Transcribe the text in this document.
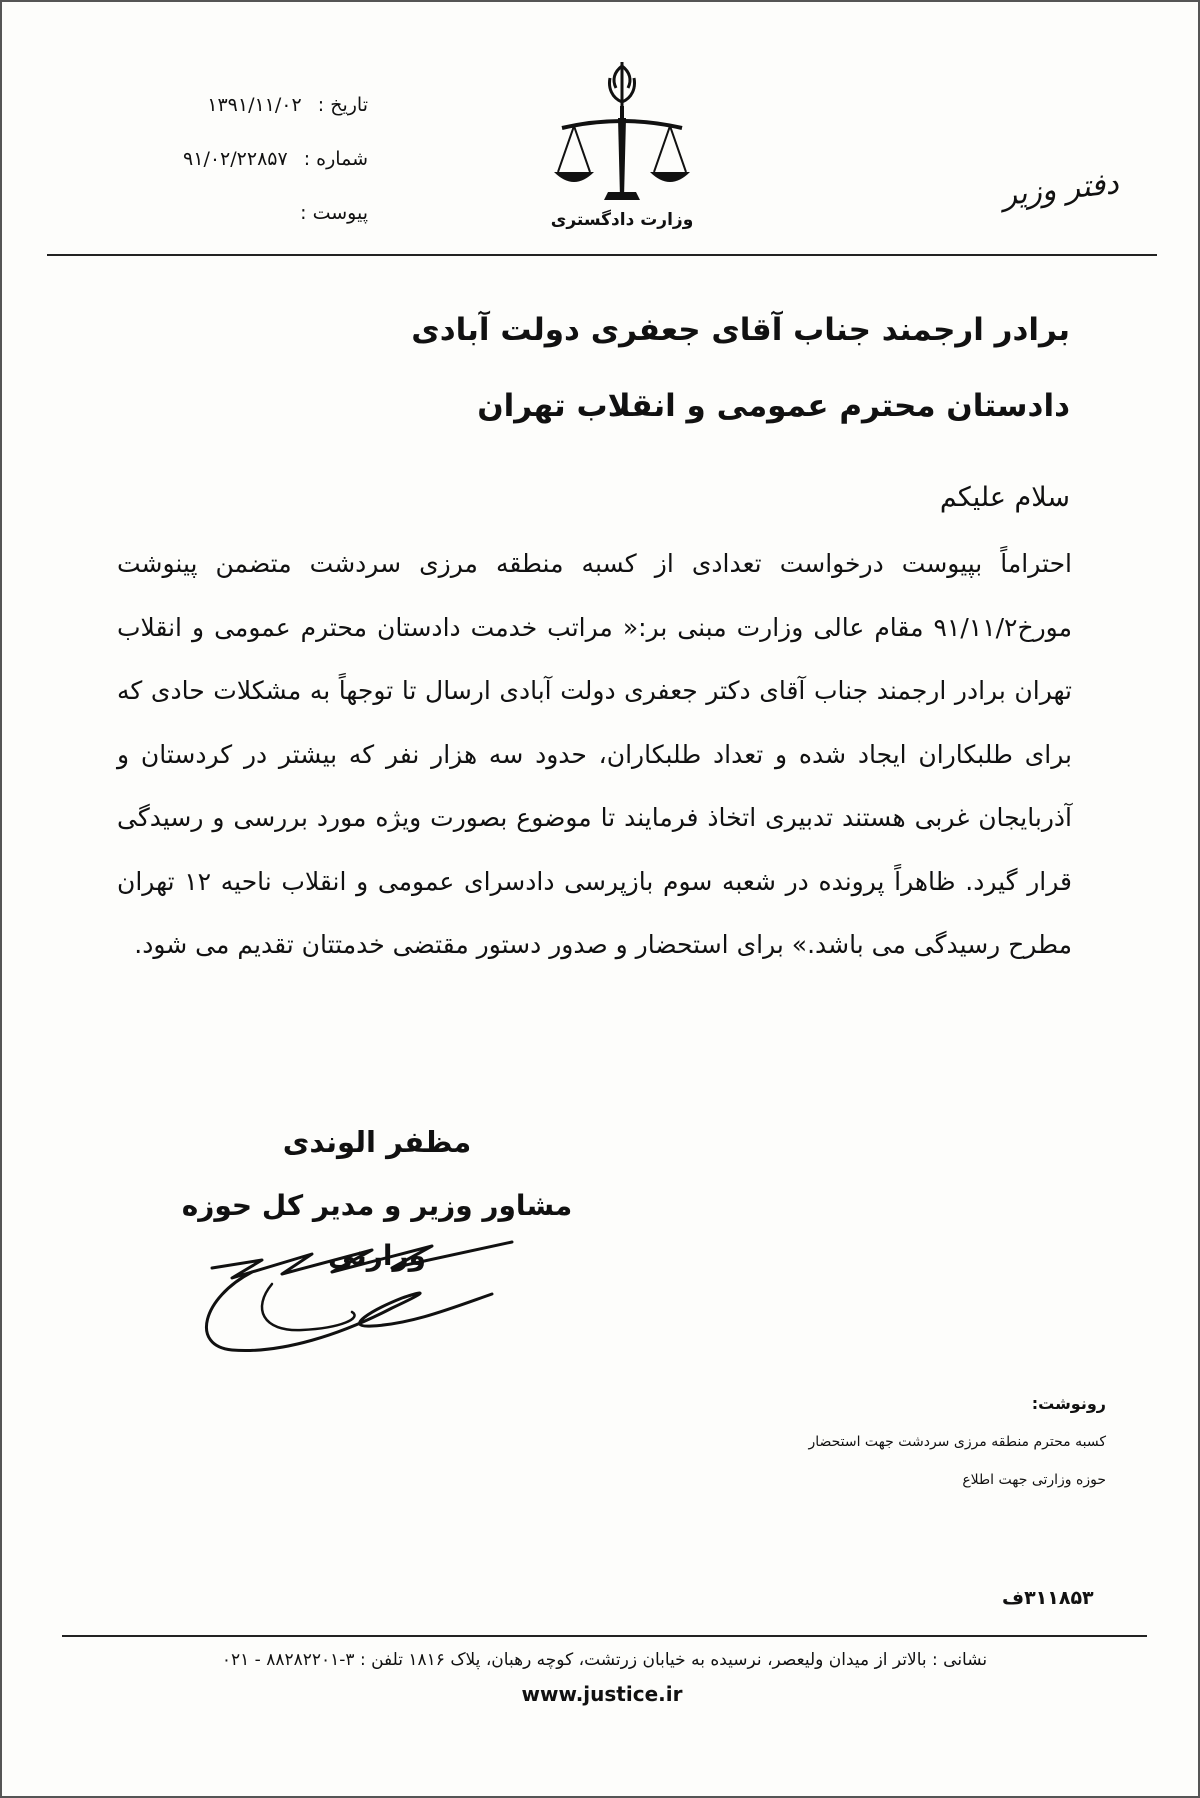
تاریخ : ۱۳۹۱/۱۱/۰۲
شماره : ۹۱/۰۲/۲۲۸۵۷
پیوست :	وزارت دادگستری
دفتر وزیر
برادر ارجمند جناب آقای جعفری دولت آبادی
دادستان محترم عمومی و انقلاب تهران
سلام علیکم
احتراماً بپیوست درخواست تعدادی از کسبه منطقه مرزی سردشت متضمن پینوشت مورخ۹۱/۱۱/۲ مقام عالی وزارت مبنی بر:« مراتب خدمت دادستان محترم عمومی و انقلاب تهران برادر ارجمند جناب آقای دکتر جعفری دولت آبادی ارسال تا توجهاً به مشکلات حادی که برای طلبکاران ایجاد شده و تعداد طلبکاران، حدود سه هزار نفر که بیشتر در کردستان و آذربایجان غربی هستند تدبیری اتخاذ فرمایند تا موضوع بصورت ویژه مورد بررسی و رسیدگی قرار گیرد. ظاهراً پرونده در شعبه سوم بازپرسی دادسرای عمومی و انقلاب ناحیه ۱۲ تهران مطرح رسیدگی می باشد.» برای استحضار و صدور دستور مقتضی خدمتتان تقدیم می شود.
مظفر الوندی
مشاور وزیر و مدیر کل حوزه وزارتی
رونوشت:
کسبه محترم منطقه مرزی سردشت جهت استحضار
حوزه وزارتی جهت اطلاع
۳۱۱۸۵۳ف
نشانی : بالاتر از میدان ولیعصر، نرسیده به خیابان زرتشت، کوچه رهبان، پلاک ۱۸۱۶ تلفن : ۳-۸۸۲۸۲۲۰۱ - ۰۲۱
www.justice.ir
